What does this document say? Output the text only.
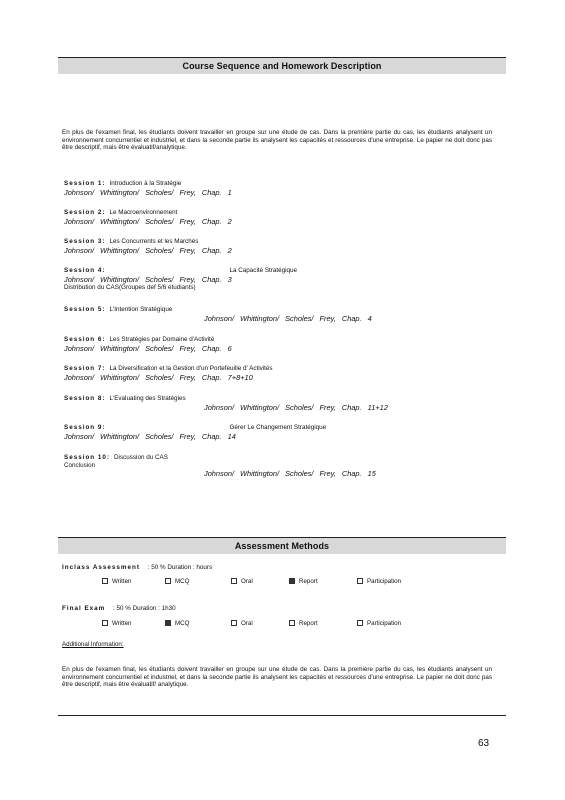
Course Sequence and Homework Description
En plus de l'examen final, les étudiants doivent travailler en groupe sur une étude de cas. Dans la première partie du cas, les étudiants analysent un environnement concurrentiel et industriel, et dans la seconde partie ils analysent les capacités et ressources d'une entreprise. Le papier ne doit donc pas être descriptif, mais être évaluatif/analytique.
Session 1: Introduction à la Stratégie
Johnson/ Whittington/ Scholes/ Frey, Chap. 1
Session 2: Le Macroenvironnement
Johnson/ Whittington/ Scholes/ Frey, Chap. 2
Session 3: Les Concurrents et les Marchés
Johnson/ Whittington/ Scholes/ Frey, Chap. 2
Session 4:	La Capacité Stratégique
Johnson/ Whittington/ Scholes/ Frey, Chap. 3
Distribution du CAS(Groupes def 5/6 étudiants)
Session 5: L'Intention Stratégique
Johnson/ Whittington/ Scholes/ Frey, Chap. 4
Session 6: Les Stratégies par Domaine d'Activité
Johnson/ Whittington/ Scholes/ Frey, Chap. 6
Session 7: La Diversification et la Gestion d'un Portefeuille d' Activités
Johnson/ Whittington/ Scholes/ Frey, Chap. 7+8+10
Session 8: L'Evaluating des Stratégies
Johnson/ Whittington/ Scholes/ Frey, Chap. 11+12
Session 9:	Gérer Le Changement Stratégique
Johnson/ Whittington/ Scholes/ Frey, Chap. 14
Session 10: Discussion du CAS
Conclusion
Johnson/ Whittington/ Scholes/ Frey, Chap. 15
Assessment Methods
Inclass Assessment : 50 % Duration : hours
Written	MCQ	Oral	Report	Participation
Final Exam : 50 % Duration : 1h30
Written	MCQ	Oral	Report	Participation
Additional Information:
En plus de l'examen final, les étudiants doivent travailler en groupe sur une étude de cas. Dans la première partie du cas, les étudiants analysent un environnement concurrentiel et industriel, et dans la seconde partie ils analysent les capacités et ressources d'une entreprise. Le papier ne doit donc pas être descriptif, mais être évaluatif/ analytique.
63
